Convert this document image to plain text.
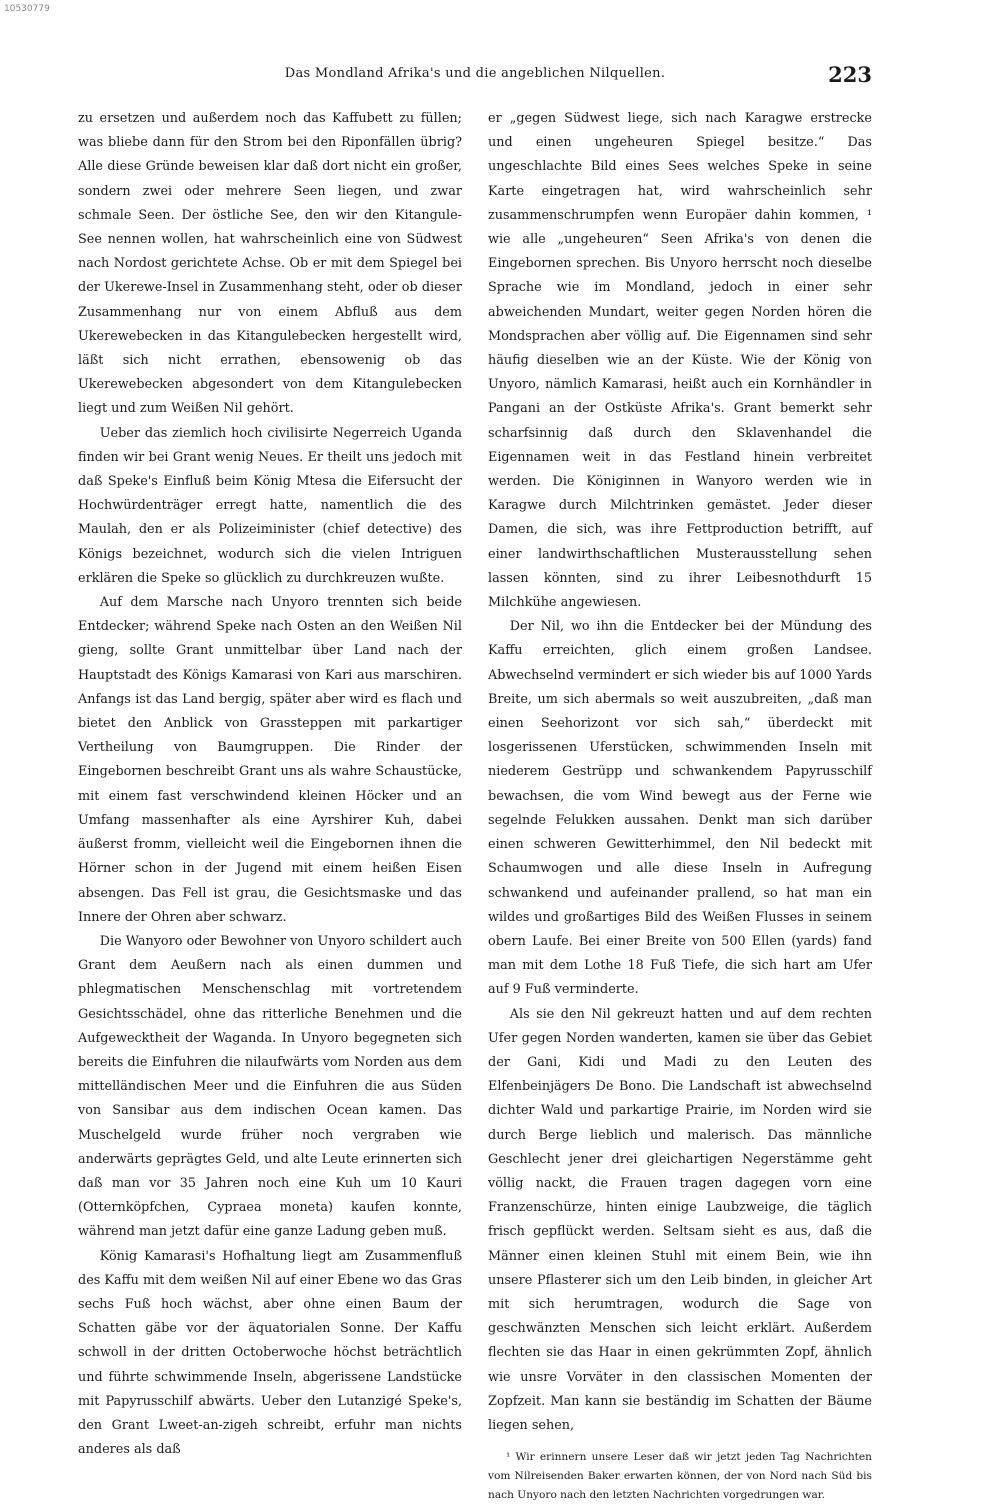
10530779
Das Mondland Afrika's und die angeblichen Nilquellen.	223

zu ersetzen und außerdem noch das Kaffubett zu füllen; was bliebe dann für den Strom bei den Riponfällen übrig? Alle diese Gründe beweisen klar daß dort nicht ein großer, sondern zwei oder mehrere Seen liegen, und zwar schmale Seen. Der östliche See, den wir den Kitangule-See nennen wollen, hat wahrscheinlich eine von Südwest nach Nordost gerichtete Achse. Ob er mit dem Spiegel bei der Ukerewe-Insel in Zusammenhang steht, oder ob dieser Zusammenhang nur von einem Abfluß aus dem Ukerewebecken in das Kitangulebecken hergestellt wird, läßt sich nicht errathen, ebensowenig ob das Ukerewebecken abgesondert von dem Kitangulebecken liegt und zum Weißen Nil gehört.

Ueber das ziemlich hoch civilisirte Negerreich Uganda finden wir bei Grant wenig Neues. Er theilt uns jedoch mit daß Speke's Einfluß beim König Mtesa die Eifersucht der Hochwürdenträger erregt hatte, namentlich die des Maulah, den er als Polizeiminister (chief detective) des Königs bezeichnet, wodurch sich die vielen Intriguen erklären die Speke so glücklich zu durchkreuzen wußte.

Auf dem Marsche nach Unyoro trennten sich beide Entdecker; während Speke nach Osten an den Weißen Nil gieng, sollte Grant unmittelbar über Land nach der Hauptstadt des Königs Kamarasi von Kari aus marschiren. Anfangs ist das Land bergig, später aber wird es flach und bietet den Anblick von Grassteppen mit parkartiger Vertheilung von Baumgruppen. Die Rinder der Eingebornen beschreibt Grant uns als wahre Schaustücke, mit einem fast verschwindend kleinen Höcker und an Umfang massenhafter als eine Ayrshirer Kuh, dabei äußerst fromm, vielleicht weil die Eingebornen ihnen die Hörner schon in der Jugend mit einem heißen Eisen absengen. Das Fell ist grau, die Gesichtsmaske und das Innere der Ohren aber schwarz.

Die Wanyoro oder Bewohner von Unyoro schildert auch Grant dem Aeußern nach als einen dummen und phlegmatischen Menschenschlag mit vortretendem Gesichtsschädel, ohne das ritterliche Benehmen und die Aufgewecktheit der Waganda. In Unyoro begegneten sich bereits die Einfuhren die nilaufwärts vom Norden aus dem mittelländischen Meer und die Einfuhren die aus Süden von Sansibar aus dem indischen Ocean kamen. Das Muschelgeld wurde früher noch vergraben wie anderwärts geprägtes Geld, und alte Leute erinnerten sich daß man vor 35 Jahren noch eine Kuh um 10 Kauri (Otternköpfchen, Cypraea moneta) kaufen konnte, während man jetzt dafür eine ganze Ladung geben muß.

König Kamarasi's Hofhaltung liegt am Zusammenfluß des Kaffu mit dem weißen Nil auf einer Ebene wo das Gras sechs Fuß hoch wächst, aber ohne einen Baum der Schatten gäbe vor der äquatorialen Sonne. Der Kaffu schwoll in der dritten Octoberwoche höchst beträchtlich und führte schwimmende Inseln, abgerissene Landstücke mit Papyrusschilf abwärts. Ueber den Lutanzigé Speke's, den Grant Lweet-an-zigeh schreibt, erfuhr man nichts anderes als daß

er „gegen Südwest liege, sich nach Karagwe erstrecke und einen ungeheuren Spiegel besitze.“ Das ungeschlachte Bild eines Sees welches Speke in seine Karte eingetragen hat, wird wahrscheinlich sehr zusammenschrumpfen wenn Europäer dahin kommen, ¹ wie alle „ungeheuren“ Seen Afrika's von denen die Eingebornen sprechen. Bis Unyoro herrscht noch dieselbe Sprache wie im Mondland, jedoch in einer sehr abweichenden Mundart, weiter gegen Norden hören die Mondsprachen aber völlig auf. Die Eigennamen sind sehr häufig dieselben wie an der Küste. Wie der König von Unyoro, nämlich Kamarasi, heißt auch ein Kornhändler in Pangani an der Ostküste Afrika's. Grant bemerkt sehr scharfsinnig daß durch den Sklavenhandel die Eigennamen weit in das Festland hinein verbreitet werden. Die Königinnen in Wanyoro werden wie in Karagwe durch Milchtrinken gemästet. Jeder dieser Damen, die sich, was ihre Fettproduction betrifft, auf einer landwirthschaftlichen Musterausstellung sehen lassen könnten, sind zu ihrer Leibesnothdurft 15 Milchkühe angewiesen.

Der Nil, wo ihn die Entdecker bei der Mündung des Kaffu erreichten, glich einem großen Landsee. Abwechselnd vermindert er sich wieder bis auf 1000 Yards Breite, um sich abermals so weit auszubreiten, „daß man einen Seehorizont vor sich sah,“ überdeckt mit losgerissenen Uferstücken, schwimmenden Inseln mit niederem Gestrüpp und schwankendem Papyrusschilf bewachsen, die vom Wind bewegt aus der Ferne wie segelnde Felukken aussahen. Denkt man sich darüber einen schweren Gewitterhimmel, den Nil bedeckt mit Schaumwogen und alle diese Inseln in Aufregung schwankend und aufeinander prallend, so hat man ein wildes und großartiges Bild des Weißen Flusses in seinem obern Laufe. Bei einer Breite von 500 Ellen (yards) fand man mit dem Lothe 18 Fuß Tiefe, die sich hart am Ufer auf 9 Fuß verminderte.

Als sie den Nil gekreuzt hatten und auf dem rechten Ufer gegen Norden wanderten, kamen sie über das Gebiet der Gani, Kidi und Madi zu den Leuten des Elfenbeinjägers De Bono. Die Landschaft ist abwechselnd dichter Wald und parkartige Prairie, im Norden wird sie durch Berge lieblich und malerisch. Das männliche Geschlecht jener drei gleichartigen Negerstämme geht völlig nackt, die Frauen tragen dagegen vorn eine Franzenschürze, hinten einige Laubzweige, die täglich frisch gepflückt werden. Seltsam sieht es aus, daß die Männer einen kleinen Stuhl mit einem Bein, wie ihn unsere Pflasterer sich um den Leib binden, in gleicher Art mit sich herumtragen, wodurch die Sage von geschwänzten Menschen sich leicht erklärt. Außerdem flechten sie das Haar in einen gekrümmten Zopf, ähnlich wie unsre Vorväter in den classischen Momenten der Zopfzeit. Man kann sie beständig im Schatten der Bäume liegen sehen,

¹ Wir erinnern unsere Leser daß wir jetzt jeden Tag Nachrichten vom Nilreisenden Baker erwarten können, der von Nord nach Süd bis nach Unyoro nach den letzten Nachrichten vorgedrungen war.
